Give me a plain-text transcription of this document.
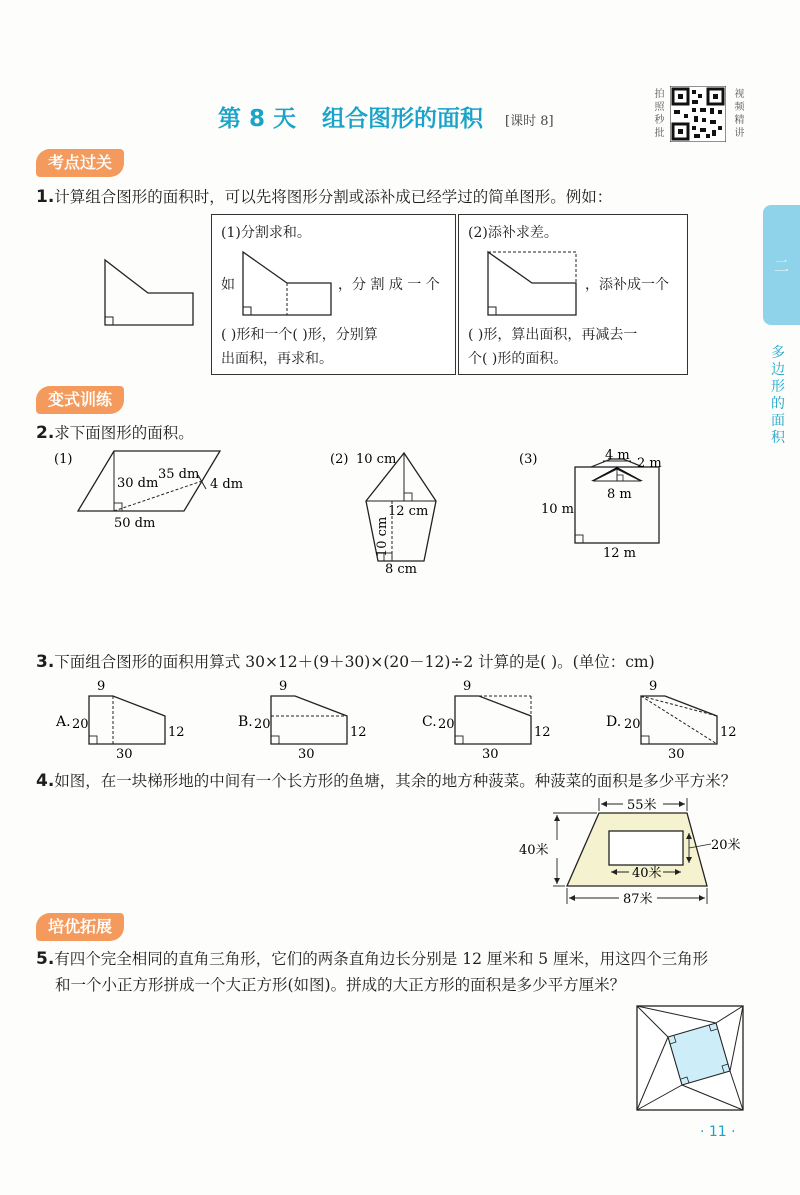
第 8 天 组合图形的面积 [课时 8]
拍照秒批
视频精讲
二
多边形的面积
考点过关
1.计算组合图形的面积时，可以先将图形分割或添补成已经学过的简单图形。例如：
(1)分割求和。
如	，分 割 成 一 个
( )形和一个( )形，分别算
出面积，再求和。
(2)添补求差。
，添补成一个
( )形，算出面积，再减去一
个( )形的面积。
变式训练
2.求下面图形的面积。
(1)
30 dm
35 dm
4 dm
50 dm
(2) 10 cm
12 cm
10 cm
8 cm
(3)	4 m
2 m
8 m
10 m
12 m
3.下面组合图形的面积用算式 30×12＋(9＋30)×(20－12)÷2 计算的是( )。(单位：cm)
A. 20
9
12
30
B. 20
9
12
30
C. 20
9
12
30
D. 20
9
12
30
4.如图，在一块梯形地的中间有一个长方形的鱼塘，其余的地方种菠菜。种菠菜的面积是多少平方米？
55米
40米	20米
40米
87米
培优拓展
5.有四个完全相同的直角三角形，它们的两条直角边长分别是 12 厘米和 5 厘米，用这四个三角形
和一个小正方形拼成一个大正方形(如图)。拼成的大正方形的面积是多少平方厘米？
· 11 ·
